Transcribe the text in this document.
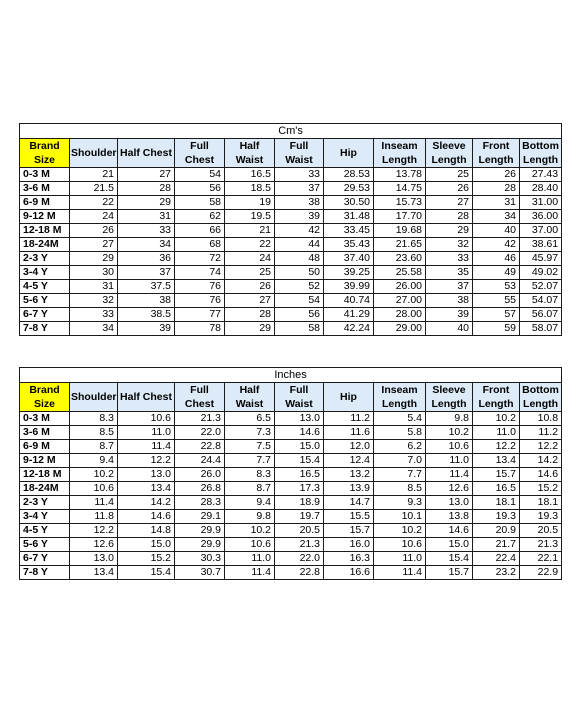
Cm's										
Brand Size	Shoulder	Half Chest	Full Chest	Half Waist	Full Waist	Hip	Inseam Length	Sleeve Length	Front Length	Bottom Length
0-3 M	21	27	54	16.5	33	28.53	13.78	25	26	27.43
3-6 M	21.5	28	56	18.5	37	29.53	14.75	26	28	28.40
6-9 M	22	29	58	19	38	30.50	15.73	27	31	31.00
9-12 M	24	31	62	19.5	39	31.48	17.70	28	34	36.00
12-18 M	26	33	66	21	42	33.45	19.68	29	40	37.00
18-24M	27	34	68	22	44	35.43	21.65	32	42	38.61
2-3 Y	29	36	72	24	48	37.40	23.60	33	46	45.97
3-4 Y	30	37	74	25	50	39.25	25.58	35	49	49.02
4-5 Y	31	37.5	76	26	52	39.99	26.00	37	53	52.07
5-6 Y	32	38	76	27	54	40.74	27.00	38	55	54.07
6-7 Y	33	38.5	77	28	56	41.29	28.00	39	57	56.07
7-8 Y	34	39	78	29	58	42.24	29.00	40	59	58.07
Inches										
Brand Size	Shoulder	Half Chest	Full Chest	Half Waist	Full Waist	Hip	Inseam Length	Sleeve Length	Front Length	Bottom Length
0-3 M	8.3	10.6	21.3	6.5	13.0	11.2	5.4	9.8	10.2	10.8
3-6 M	8.5	11.0	22.0	7.3	14.6	11.6	5.8	10.2	11.0	11.2
6-9 M	8.7	11.4	22.8	7.5	15.0	12.0	6.2	10.6	12.2	12.2
9-12 M	9.4	12.2	24.4	7.7	15.4	12.4	7.0	11.0	13.4	14.2
12-18 M	10.2	13.0	26.0	8.3	16.5	13.2	7.7	11.4	15.7	14.6
18-24M	10.6	13.4	26.8	8.7	17.3	13.9	8.5	12.6	16.5	15.2
2-3 Y	11.4	14.2	28.3	9.4	18.9	14.7	9.3	13.0	18.1	18.1
3-4 Y	11.8	14.6	29.1	9.8	19.7	15.5	10.1	13.8	19.3	19.3
4-5 Y	12.2	14.8	29.9	10.2	20.5	15.7	10.2	14.6	20.9	20.5
5-6 Y	12.6	15.0	29.9	10.6	21.3	16.0	10.6	15.0	21.7	21.3
6-7 Y	13.0	15.2	30.3	11.0	22.0	16.3	11.0	15.4	22.4	22.1
7-8 Y	13.4	15.4	30.7	11.4	22.8	16.6	11.4	15.7	23.2	22.9
